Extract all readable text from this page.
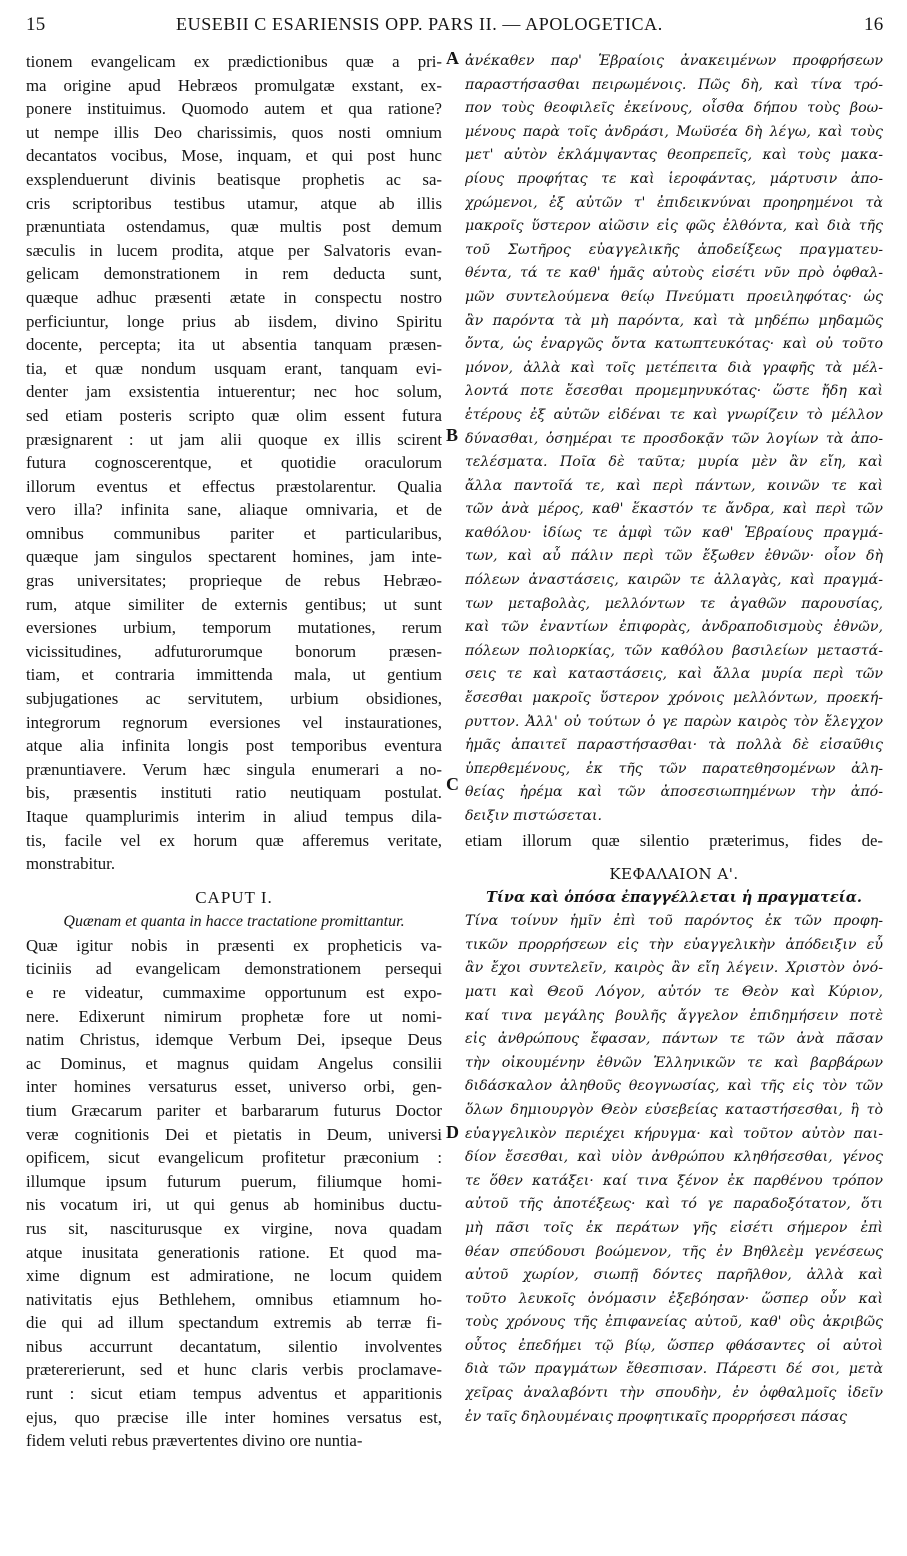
15	EUSEBII C ESARIENSIS OPP. PARS II. — APOLOGETICA.	16
A
B
C
D
tionem evangelicam ex prædictionibus quæ a pri-
ma origine apud Hebræos promulgatæ exstant, ex-
ponere instituimus. Quomodo autem et qua ratione?
ut nempe illis Deo charissimis, quos nosti omnium
decantatos vocibus, Mose, inquam, et qui post hunc
exsplenduerunt divinis beatisque prophetis ac sa-
cris scriptoribus testibus utamur, atque ab illis
prænuntiata ostendamus, quæ multis post demum
sæculis in lucem prodita, atque per Salvatoris evan-
gelicam demonstrationem in rem deducta sunt,
quæque adhuc præsenti ætate in conspectu nostro
perficiuntur, longe prius ab iisdem, divino Spiritu
docente, percepta; ita ut absentia tanquam præsen-
tia, et quæ nondum usquam erant, tanquam evi-
denter jam exsistentia intuerentur; nec hoc solum,
sed etiam posteris scripto quæ olim essent futura
præsignarent : ut jam alii quoque ex illis scirent
futura cognoscerentque, et quotidie oraculorum
illorum eventus et effectus præstolarentur. Qualia
vero illa? infinita sane, aliaque omnivaria, et de
omnibus communibus pariter et particularibus,
quæque jam singulos spectarent homines, jam inte-
gras universitates; proprieque de rebus Hebræo-
rum, atque similiter de externis gentibus; ut sunt
eversiones urbium, temporum mutationes, rerum
vicissitudines, adfuturorumque bonorum præsen-
tiam, et contraria immittenda mala, ut gentium
subjugationes ac servitutem, urbium obsidiones,
integrorum regnorum eversiones vel instaurationes,
atque alia infinita longis post temporibus eventura
prænuntiavere. Verum hæc singula enumerari a no-
bis, præsentis instituti ratio neutiquam postulat.
Itaque quamplurimis interim in aliud tempus dila-
tis, facile vel ex horum quæ afferemus veritate,
monstrabitur.
CAPUT I.
Quænam et quanta in hacce tractatione promittantur.
Quæ igitur nobis in præsenti ex propheticis va-
ticiniis ad evangelicam demonstrationem persequi
e re videatur, cummaxime opportunum est expo-
nere. Edixerunt nimirum prophetæ fore ut nomi-
natim Christus, idemque Verbum Dei, ipseque Deus
ac Dominus, et magnus quidam Angelus consilii
inter homines versaturus esset, universo orbi, gen-
tium Græcarum pariter et barbararum futurus Doctor
veræ cognitionis Dei et pietatis in Deum, universi
opificem, sicut evangelicum profitetur præconium :
illumque ipsum futurum puerum, filiumque homi-
nis vocatum iri, ut qui genus ab hominibus ductu-
rus sit, nasciturusque ex virgine, nova quadam
atque inusitata generationis ratione. Et quod ma-
xime dignum est admiratione, ne locum quidem
nativitatis ejus Bethlehem, omnibus etiamnum ho-
die qui ad illum spectandum extremis ab terræ fi-
nibus accurrunt decantatum, silentio involventes
prætererierunt, sed et hunc claris verbis proclamave-
runt : sicut etiam tempus adventus et apparitionis
ejus, quo præcise ille inter homines versatus est,
fidem veluti rebus prævertentes divino ore nuntia-
ἀνέκαθεν παρ' Ἑβραίοις ἀνακειμένων προφρήσεων
παραστήσασθαι πειρωμένοις. Πῶς δὴ, καὶ τίνα τρό-
πον τοὺς θεοφιλεῖς ἐκείνους, οἶσθα δήπου τοὺς βοω-
μένους παρὰ τοῖς ἀνδράσι, Μωϋσέα δὴ λέγω, καὶ τοὺς
μετ' αὐτὸν ἐκλάμψαντας θεοπρεπεῖς, καὶ τοὺς μακα-
ρίους προφήτας τε καὶ ἱεροφάντας, μάρτυσιν ἀπο-
χρώμενοι, ἐξ αὐτῶν τ' ἐπιδεικνύναι προηρημένοι τὰ
μακροῖς ὕστερον αἰῶσιν εἰς φῶς ἐλθόντα, καὶ διὰ τῆς
τοῦ Σωτῆρος εὐαγγελικῆς ἀποδείξεως πραγματευ-
θέντα, τά τε καθ' ἡμᾶς αὐτοὺς εἰσέτι νῦν πρὸ ὀφθαλ-
μῶν συντελούμενα θείῳ Πνεύματι προειληφότας· ὡς
ἂν παρόντα τὰ μὴ παρόντα, καὶ τὰ μηδέπω μηδαμῶς
ὄντα, ὡς ἐναργῶς ὄντα κατωπτευκότας· καὶ οὐ τοῦτο
μόνον, ἀλλὰ καὶ τοῖς μετέπειτα διὰ γραφῆς τὰ μέλ-
λοντά ποτε ἔσεσθαι προμεμηνυκότας· ὥστε ἤδη καὶ
ἑτέρους ἐξ αὐτῶν εἰδέναι τε καὶ γνωρίζειν τὸ μέλλον
δύνασθαι, ὁσημέραι τε προσδοκᾷν τῶν λογίων τὰ ἀπο-
τελέσματα. Ποῖα δὲ ταῦτα; μυρία μὲν ἂν εἴη, καὶ
ἄλλα παντοῖά τε, καὶ περὶ πάντων, κοινῶν τε καὶ
τῶν ἀνὰ μέρος, καθ' ἕκαστόν τε ἄνδρα, καὶ περὶ τῶν
καθόλου· ἰδίως τε ἀμφὶ τῶν καθ' Ἑβραίους πραγμά-
των, καὶ αὖ πάλιν περὶ τῶν ἔξωθεν ἐθνῶν· οἷον δὴ
πόλεων ἀναστάσεις, καιρῶν τε ἀλλαγὰς, καὶ πραγμά-
των μεταβολὰς, μελλόντων τε ἀγαθῶν παρουσίας,
καὶ τῶν ἐναντίων ἐπιφορὰς, ἀνδραποδισμοὺς ἐθνῶν,
πόλεων πολιορκίας, τῶν καθόλου βασιλείων μεταστά-
σεις τε καὶ καταστάσεις, καὶ ἄλλα μυρία περὶ τῶν
ἔσεσθαι μακροῖς ὕστερον χρόνοις μελλόντων, προεκή-
ρυττον. Ἀλλ' οὐ τούτων ὁ γε παρὼν καιρὸς τὸν ἔλεγχον
ἡμᾶς ἀπαιτεῖ παραστήσασθαι· τὰ πολλὰ δὲ εἰσαῦθις
ὑπερθεμένους, ἐκ τῆς τῶν παρατεθησομένων ἀλη-
θείας ἠρέμα καὶ τῶν ἀποσεσιωπημένων τὴν ἀπό-
δειξιν πιστώσεται.
etiam illorum quæ silentio præterimus, fides de-
ΚΕΦΑΛΑΙΟΝ Α'.
Τίνα καὶ ὁπόσα ἐπαγγέλλεται ἡ πραγματεία.
Τίνα τοίνυν ἡμῖν ἐπὶ τοῦ παρόντος ἐκ τῶν προφη-
τικῶν προρρήσεων εἰς τὴν εὐαγγελικὴν ἀπόδειξιν εὖ
ἂν ἔχοι συντελεῖν, καιρὸς ἂν εἴη λέγειν. Χριστὸν ὀνό-
ματι καὶ Θεοῦ Λόγον, αὐτόν τε Θεὸν καὶ Κύριον,
καί τινα μεγάλης βουλῆς ἄγγελον ἐπιδημήσειν ποτὲ
εἰς ἀνθρώπους ἔφασαν, πάντων τε τῶν ἀνὰ πᾶσαν
τὴν οἰκουμένην ἐθνῶν Ἑλληνικῶν τε καὶ βαρβάρων
διδάσκαλον ἀληθοῦς θεογνωσίας, καὶ τῆς εἰς τὸν τῶν
ὅλων δημιουργὸν Θεὸν εὐσεβείας καταστήσεσθαι, ἣ τὸ
εὐαγγελικὸν περιέχει κήρυγμα· καὶ τοῦτον αὐτὸν παι-
δίον ἔσεσθαι, καὶ υἱὸν ἀνθρώπου κληθήσεσθαι, γένος
τε ὅθεν κατάξει· καί τινα ξένον ἐκ παρθένου τρόπον
αὐτοῦ τῆς ἀποτέξεως· καὶ τό γε παραδοξότατον, ὅτι
μὴ πᾶσι τοῖς ἐκ περάτων γῆς εἰσέτι σήμερον ἐπὶ
θέαν σπεύδουσι βοώμενον, τῆς ἐν Βηθλεὲμ γενέσεως
αὐτοῦ χωρίον, σιωπῇ δόντες παρῆλθον, ἀλλὰ καὶ
τοῦτο λευκοῖς ὀνόμασιν ἐξεβόησαν· ὥσπερ οὖν καὶ
τοὺς χρόνους τῆς ἐπιφανείας αὐτοῦ, καθ' οὓς ἀκριβῶς
οὗτος ἐπεδήμει τῷ βίῳ, ὥσπερ φθάσαντες οἱ αὐτοὶ
διὰ τῶν πραγμάτων ἔθεσπισαν. Πάρεστι δέ σοι, μετὰ
χεῖρας ἀναλαβόντι τὴν σπουδὴν, ἐν ὀφθαλμοῖς ἰδεῖν
ἐν ταῖς δηλουμέναις προφητικαῖς προρρήσεσι πάσας
